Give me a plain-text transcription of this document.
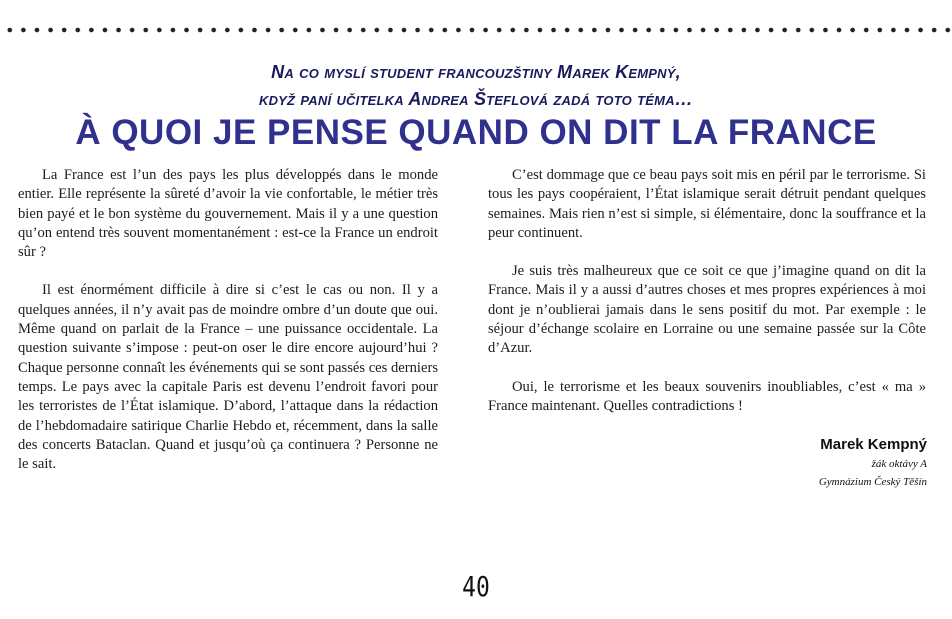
Na co myslí student francouzštiny Marek Kempný,
když paní učitelka Andrea Šteflová zadá toto téma…
À QUOI JE PENSE QUAND ON DIT LA FRANCE

La France est l’un des pays les plus développés dans le monde entier. Elle représente la sûreté d’avoir la vie confortable, le métier très bien payé et le bon système du gouvernement. Mais il y a une question qu’on entend très souvent momentanément : est-ce la France un endroit sûr ?

Il est énormément difficile à dire si c’est le cas ou non. Il y a quelques années, il n’y avait pas de moindre ombre d’un doute que oui. Même quand on parlait de la France – une puissance occidentale. La question suivante s’impose : peut-on oser le dire encore aujourd’hui ? Chaque personne connaît les événements qui se sont passés ces derniers temps. Le pays avec la capitale Paris est devenu l’endroit favori pour les terroristes de l’État islamique. D’abord, l’attaque dans la rédaction de l’hebdomadaire satirique Charlie Hebdo et, récemment, dans la salle des concerts Bataclan. Quand et jusqu’où ça continuera ? Personne ne le sait.

C’est dommage que ce beau pays soit mis en péril par le terrorisme. Si tous les pays coopéraient, l’État islamique serait détruit pendant quelques semaines. Mais rien n’est si simple, si élémentaire, donc la souffrance et la peur continuent.

Je suis très malheureux que ce soit ce que j’imagine quand on dit la France. Mais il y a aussi d’autres choses et mes propres expériences à moi dont je n’oublierai jamais dans le sens positif du mot. Par exemple : le séjour d’échange scolaire en Lorraine ou une semaine passée sur la Côte d’Azur.

Oui, le terrorisme et les beaux souvenirs inoubliables, c’est « ma » France maintenant. Quelles contradictions !

Marek Kempný
žák oktávy A
Gymnázium Český Těšín
40
